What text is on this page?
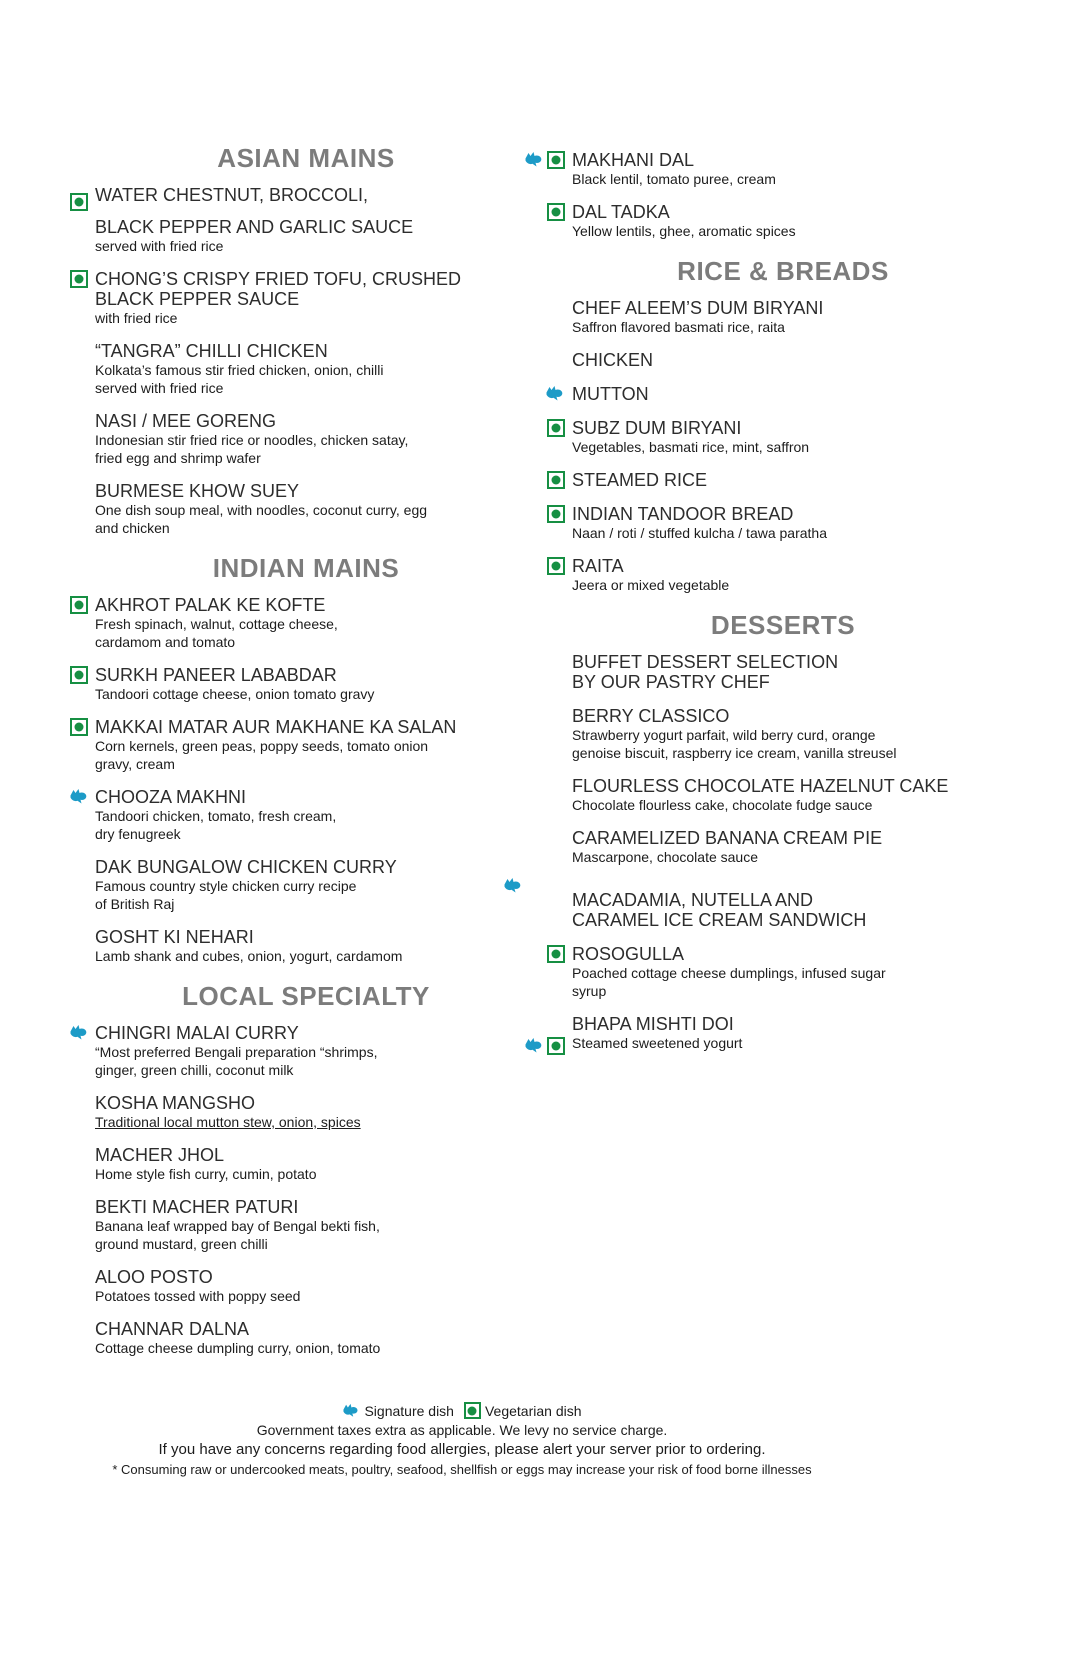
ASIAN MAINS
WATER CHESTNUT, BROCCOLI,
BLACK PEPPER AND GARLIC SAUCE
served with fried rice
CHONG’S CRISPY FRIED TOFU, CRUSHED
BLACK PEPPER SAUCE
with fried rice
“TANGRA” CHILLI CHICKEN
Kolkata’s famous stir fried chicken, onion, chilli
served with fried rice
NASI / MEE GORENG
Indonesian stir fried rice or noodles, chicken satay,
fried egg and shrimp wafer
BURMESE KHOW SUEY
One dish soup meal, with noodles, coconut curry, egg
and chicken
INDIAN MAINS
AKHROT PALAK KE KOFTE
Fresh spinach, walnut, cottage cheese,
cardamom and tomato
SURKH PANEER LABABDAR
Tandoori cottage cheese, onion tomato gravy
MAKKAI MATAR AUR MAKHANE KA SALAN
Corn kernels, green peas, poppy seeds, tomato onion
gravy, cream
CHOOZA MAKHNI
Tandoori chicken, tomato, fresh cream,
dry fenugreek
DAK BUNGALOW CHICKEN CURRY
Famous country style chicken curry recipe
of British Raj
GOSHT KI NEHARI
Lamb shank and cubes, onion, yogurt, cardamom
LOCAL SPECIALTY
CHINGRI MALAI CURRY
“Most preferred Bengali preparation “shrimps,
ginger, green chilli, coconut milk
KOSHA MANGSHO
Traditional local mutton stew, onion, spices
MACHER JHOL
Home style fish curry, cumin, potato
BEKTI MACHER PATURI
Banana leaf wrapped bay of Bengal bekti fish,
ground mustard, green chilli
ALOO POSTO
Potatoes tossed with poppy seed
CHANNAR DALNA
Cottage cheese dumpling curry, onion, tomato
MAKHANI DAL
Black lentil, tomato puree, cream
DAL TADKA
Yellow lentils, ghee, aromatic spices
RICE & BREADS
CHEF ALEEM’S DUM BIRYANI
Saffron flavored basmati rice, raita
CHICKEN
MUTTON
SUBZ DUM BIRYANI
Vegetables, basmati rice, mint, saffron
STEAMED RICE
INDIAN TANDOOR BREAD
Naan / roti / stuffed kulcha / tawa paratha
RAITA
Jeera or mixed vegetable
DESSERTS
BUFFET DESSERT SELECTION
BY OUR PASTRY CHEF
BERRY CLASSICO
Strawberry yogurt parfait, wild berry curd, orange
genoise biscuit, raspberry ice cream, vanilla streusel
FLOURLESS CHOCOLATE HAZELNUT CAKE
Chocolate flourless cake, chocolate fudge sauce
CARAMELIZED BANANA CREAM PIE
Mascarpone, chocolate sauce
MACADAMIA, NUTELLA AND
CARAMEL ICE CREAM SANDWICH
ROSOGULLA
Poached cottage cheese dumplings, infused sugar
syrup
BHAPA MISHTI DOI
Steamed sweetened yogurt
Signature dish Vegetarian dish
Government taxes extra as applicable. We levy no service charge.
If you have any concerns regarding food allergies, please alert your server prior to ordering.
* Consuming raw or undercooked meats, poultry, seafood, shellfish or eggs may increase your risk of food borne illnesses
